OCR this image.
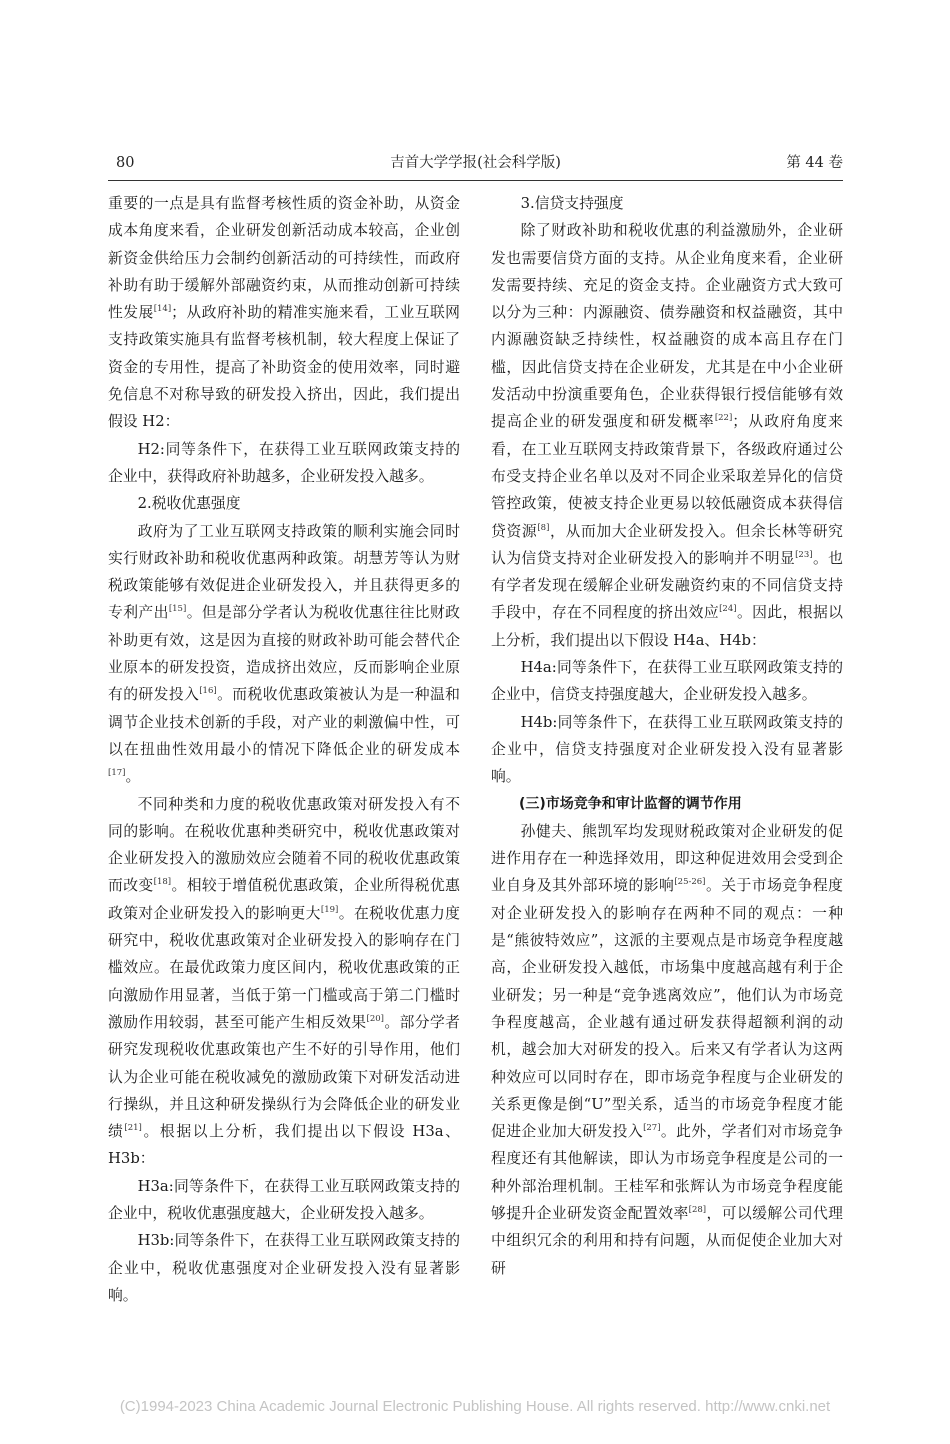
80	吉首大学学报(社会科学版)	第 44 卷

重要的一点是具有监督考核性质的资金补助，从资金成本角度来看，企业研发创新活动成本较高，企业创新资金供给压力会制约创新活动的可持续性，而政府补助有助于缓解外部融资约束，从而推动创新可持续性发展[14]；从政府补助的精准实施来看，工业互联网支持政策实施具有监督考核机制，较大程度上保证了资金的专用性，提高了补助资金的使用效率，同时避免信息不对称导致的研发投入挤出，因此，我们提出假设 H2：

H2:同等条件下，在获得工业互联网政策支持的企业中，获得政府补助越多，企业研发投入越多。

2.税收优惠强度

政府为了工业互联网支持政策的顺利实施会同时实行财政补助和税收优惠两种政策。胡慧芳等认为财税政策能够有效促进企业研发投入，并且获得更多的专利产出[15]。但是部分学者认为税收优惠往往比财政补助更有效，这是因为直接的财政补助可能会替代企业原本的研发投资，造成挤出效应，反而影响企业原有的研发投入[16]。而税收优惠政策被认为是一种温和调节企业技术创新的手段，对产业的刺激偏中性，可以在扭曲性效用最小的情况下降低企业的研发成本[17]。

不同种类和力度的税收优惠政策对研发投入有不同的影响。在税收优惠种类研究中，税收优惠政策对企业研发投入的激励效应会随着不同的税收优惠政策而改变[18]。相较于增值税优惠政策，企业所得税优惠政策对企业研发投入的影响更大[19]。在税收优惠力度研究中，税收优惠政策对企业研发投入的影响存在门槛效应。在最优政策力度区间内，税收优惠政策的正向激励作用显著，当低于第一门槛或高于第二门槛时激励作用较弱，甚至可能产生相反效果[20]。部分学者研究发现税收优惠政策也产生不好的引导作用，他们认为企业可能在税收减免的激励政策下对研发活动进行操纵，并且这种研发操纵行为会降低企业的研发业绩[21]。根据以上分析，我们提出以下假设 H3a、H3b：

H3a:同等条件下，在获得工业互联网政策支持的企业中，税收优惠强度越大，企业研发投入越多。

H3b:同等条件下，在获得工业互联网政策支持的企业中，税收优惠强度对企业研发投入没有显著影响。

3.信贷支持强度

除了财政补助和税收优惠的利益激励外，企业研发也需要信贷方面的支持。从企业角度来看，企业研发需要持续、充足的资金支持。企业融资方式大致可以分为三种：内源融资、债券融资和权益融资，其中内源融资缺乏持续性，权益融资的成本高且存在门槛，因此信贷支持在企业研发，尤其是在中小企业研发活动中扮演重要角色，企业获得银行授信能够有效提高企业的研发强度和研发概率[22]；从政府角度来看，在工业互联网支持政策背景下，各级政府通过公布受支持企业名单以及对不同企业采取差异化的信贷管控政策，使被支持企业更易以较低融资成本获得信贷资源[8]，从而加大企业研发投入。但余长林等研究认为信贷支持对企业研发投入的影响并不明显[23]。也有学者发现在缓解企业研发融资约束的不同信贷支持手段中，存在不同程度的挤出效应[24]。因此，根据以上分析，我们提出以下假设 H4a、H4b：

H4a:同等条件下，在获得工业互联网政策支持的企业中，信贷支持强度越大，企业研发投入越多。

H4b:同等条件下，在获得工业互联网政策支持的企业中，信贷支持强度对企业研发投入没有显著影响。

(三)市场竞争和审计监督的调节作用

孙健夫、熊凯军均发现财税政策对企业研发的促进作用存在一种选择效用，即这种促进效用会受到企业自身及其外部环境的影响[25-26]。关于市场竞争程度对企业研发投入的影响存在两种不同的观点：一种是“熊彼特效应”，这派的主要观点是市场竞争程度越高，企业研发投入越低，市场集中度越高越有利于企业研发；另一种是“竞争逃离效应”，他们认为市场竞争程度越高，企业越有通过研发获得超额利润的动机，越会加大对研发的投入。后来又有学者认为这两种效应可以同时存在，即市场竞争程度与企业研发的关系更像是倒“U”型关系，适当的市场竞争程度才能促进企业加大研发投入[27]。此外，学者们对市场竞争程度还有其他解读，即认为市场竞争程度是公司的一种外部治理机制。王桂军和张辉认为市场竞争程度能够提升企业研发资金配置效率[28]，可以缓解公司代理中组织冗余的利用和持有问题，从而促使企业加大对研

(C)1994-2023 China Academic Journal Electronic Publishing House. All rights reserved. http://www.cnki.net
